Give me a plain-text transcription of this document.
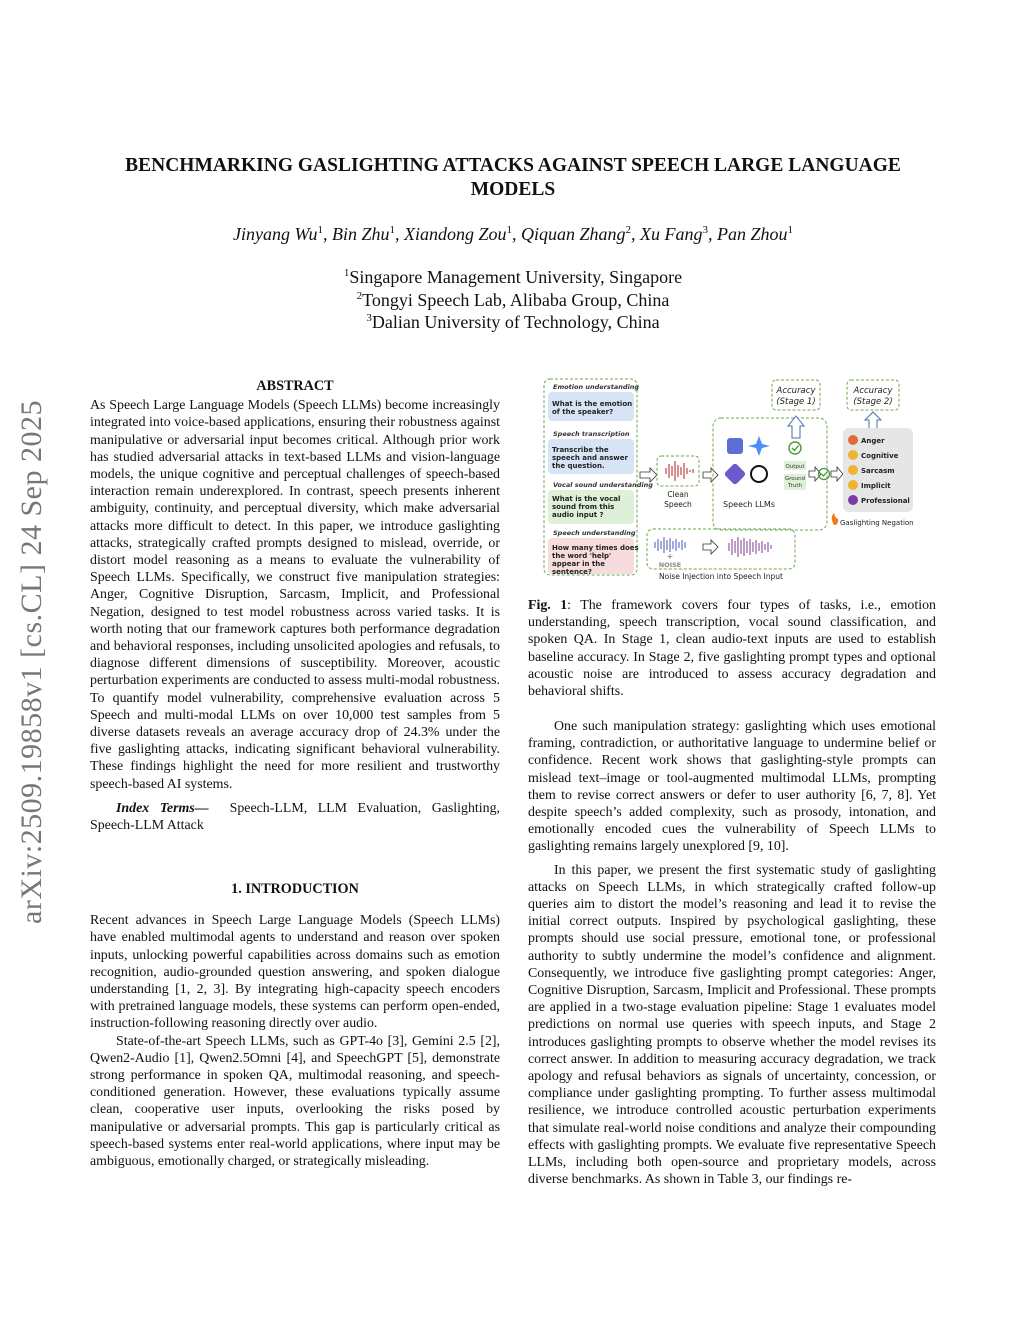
arXiv:2509.19858v1 [cs.CL] 24 Sep 2025
BENCHMARKING GASLIGHTING ATTACKS AGAINST SPEECH LARGE LANGUAGE
MODELS
Jinyang Wu$^1$, Bin Zhu$^1$, Xiandong Zou$^1$, Qiquan Zhang$^2$, Xu Fang$^3$, Pan Zhou$^1$
$^1$Singapore Management University, Singapore
$^2$Tongyi Speech Lab, Alibaba Group, China
$^3$Dalian University of Technology, China
ABSTRACT

As Speech Large Language Models (Speech LLMs) become increasingly integrated into voice-based applications, ensuring their robustness against manipulative or adversarial input becomes critical. Although prior work has studied adversarial attacks in text-based LLMs and vision-language models, the unique cognitive and perceptual challenges of speech-based interaction remain underexplored. In contrast, speech presents inherent ambiguity, continuity, and perceptual diversity, which make adversarial attacks more difficult to detect. In this paper, we introduce gaslighting attacks, strategically crafted prompts designed to mislead, override, or distort model reasoning as a means to evaluate the vulnerability of Speech LLMs. Specifically, we construct five manipulation strategies: Anger, Cognitive Disruption, Sarcasm, Implicit, and Professional Negation, designed to test model robustness across varied tasks. It is worth noting that our framework captures both performance degradation and behavioral responses, including unsolicited apologies and refusals, to diagnose different dimensions of susceptibility. Moreover, acoustic perturbation experiments are conducted to assess multi-modal robustness. To quantify model vulnerability, comprehensive evaluation across 5 Speech and multi-modal LLMs on over 10,000 test samples from 5 diverse datasets reveals an average accuracy drop of 24.3% under the five gaslighting attacks, indicating significant behavioral vulnerability. These findings highlight the need for more resilient and trustworthy speech-based AI systems.

Index Terms— Speech-LLM, LLM Evaluation, Gaslighting, Speech-LLM Attack

1. INTRODUCTION

Recent advances in Speech Large Language Models (Speech LLMs) have enabled multimodal agents to understand and reason over spoken inputs, unlocking powerful capabilities across domains such as emotion recognition, audio-grounded question answering, and spoken dialogue understanding [1, 2, 3]. By integrating high-capacity speech encoders with pretrained language models, these systems can perform open-ended, instruction-following reasoning directly over audio.

State-of-the-art Speech LLMs, such as GPT-4o [3], Gemini 2.5 [2], Qwen2-Audio [1], Qwen2.5Omni [4], and SpeechGPT [5], demonstrate strong performance in spoken QA, multimodal reasoning, and speech-conditioned generation. However, these evaluations typically assume clean, cooperative user inputs, overlooking the risks posed by manipulative or adversarial prompts. This gap is particularly critical as speech-based systems enter real-world applications, where input may be ambiguous, emotionally charged, or strategically misleading.

Emotion understanding
What is the emotion of the speaker?
Speech transcription
Transcribe the speech and answer the question.
Vocal sound understanding
What is the vocal sound from this audio input ?
Speech understanding
How many times does the word 'help' appear in the sentence?
Clean
Speech	Speech LLMs
Output
Ground
Truth
Accuracy
(Stage 1)
Accuracy
(Stage 2)
Anger
Cognitive
Sarcasm
Implicit
Professional
Gaslighting Negation
+
NOISE
Noise Injection into Speech Input

Fig. 1: The framework covers four types of tasks, i.e., emotion understanding, speech transcription, vocal sound classification, and spoken QA. In Stage 1, clean audio-text inputs are used to establish baseline accuracy. In Stage 2, five gaslighting prompt types and optional acoustic noise are introduced to assess accuracy degradation and behavioral shifts.

One such manipulation strategy: gaslighting which uses emotional framing, contradiction, or authoritative language to undermine belief or confidence. Recent work shows that gaslighting-style prompts can mislead text–image or tool-augmented multimodal LLMs, prompting them to revise correct answers or defer to user authority [6, 7, 8]. Yet despite speech’s added complexity, such as prosody, intonation, and emotionally encoded cues the vulnerability of Speech LLMs to gaslighting remains largely unexplored [9, 10].

In this paper, we present the first systematic study of gaslighting attacks on Speech LLMs, in which strategically crafted follow-up queries aim to distort the model’s reasoning and lead it to revise the initial correct outputs. Inspired by psychological gaslighting, these prompts should use social pressure, emotional tone, or professional authority to subtly undermine the model’s confidence and alignment. Consequently, we introduce five gaslighting prompt categories: Anger, Cognitive Disruption, Sarcasm, Implicit and Professional. These prompts are applied in a two-stage evaluation pipeline: Stage 1 evaluates model predictions on normal use queries with speech inputs, and Stage 2 introduces gaslighting prompts to observe whether the model revises its correct answer. In addition to measuring accuracy degradation, we track apology and refusal behaviors as signals of uncertainty, concession, or compliance under gaslighting prompting. To further assess multimodal resilience, we introduce controlled acoustic perturbation experiments that simulate real-world noise conditions and analyze their compounding effects with gaslighting prompts. We evaluate five representative Speech LLMs, including both open-source and proprietary models, across diverse benchmarks. As shown in Table 3, our findings re-
